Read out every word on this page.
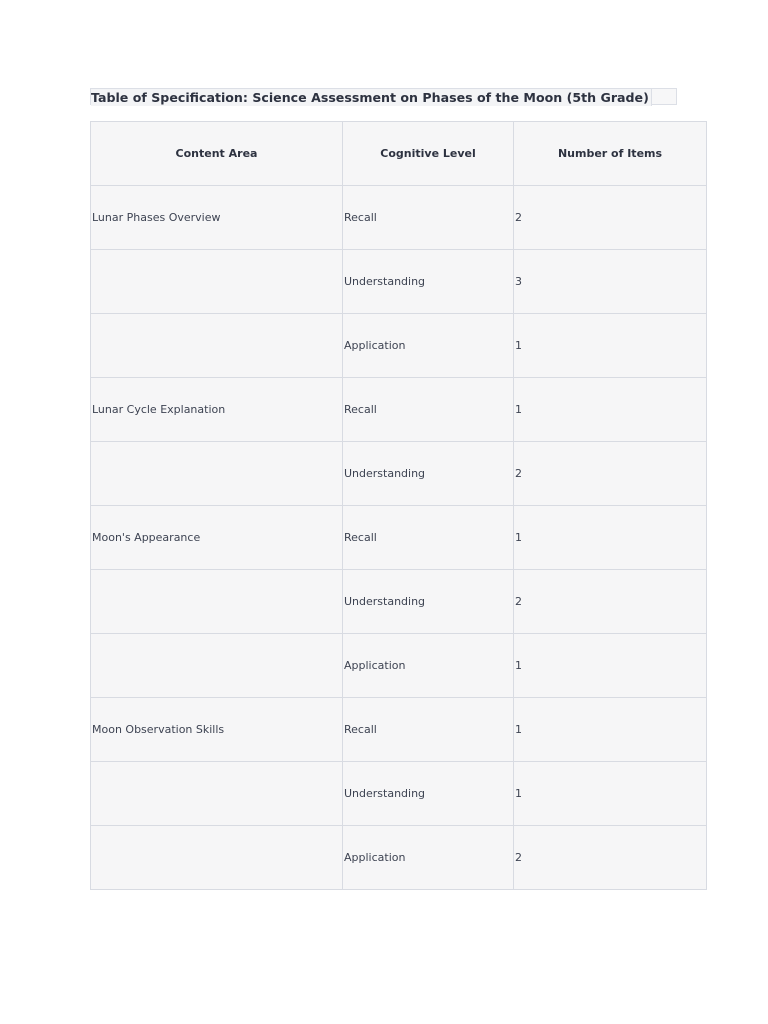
Table of Specification: Science Assessment on Phases of the Moon (5th Grade)
Content Area	Cognitive Level	Number of Items
Lunar Phases Overview	Recall	2
	Understanding	3
	Application	1
Lunar Cycle Explanation	Recall	1
	Understanding	2
Moon's Appearance	Recall	1
	Understanding	2
	Application	1
Moon Observation Skills	Recall	1
	Understanding	1
	Application	2
